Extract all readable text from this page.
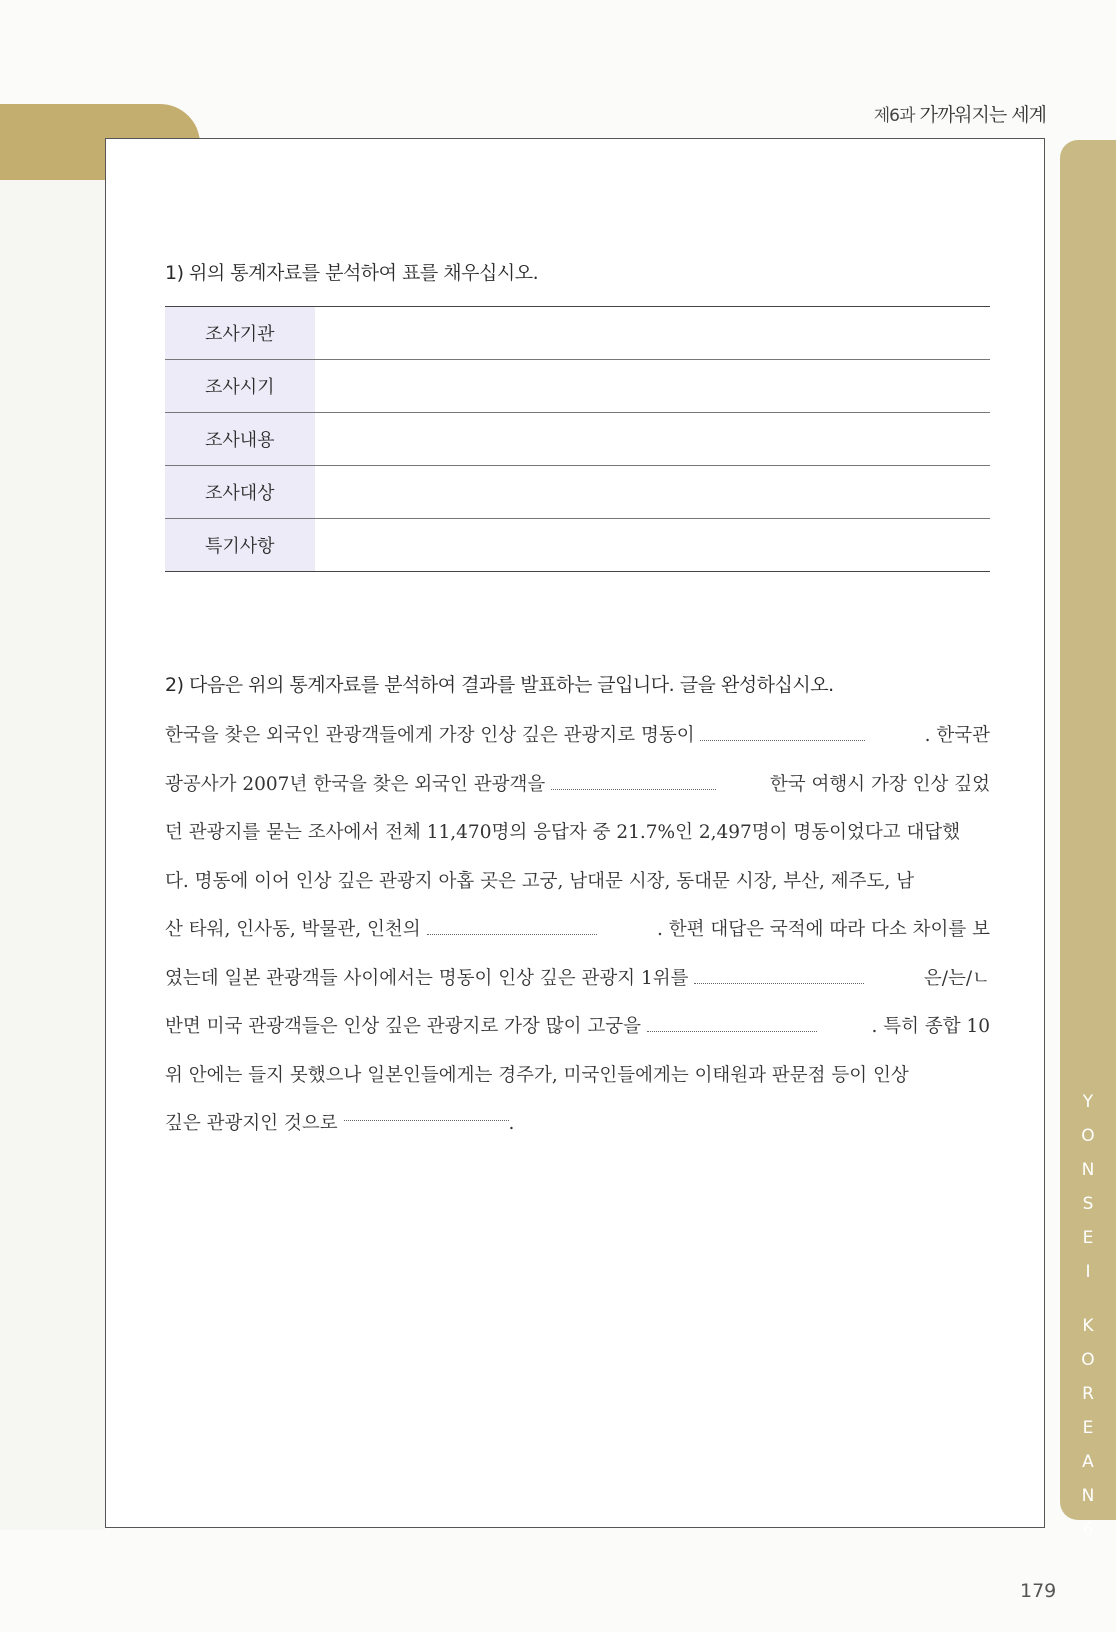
제6과 가까워지는 세계
Y
O
N
S
E
I
K
O
R
E
A
N
6
1) 위의 통계자료를 분석하여 표를 채우십시오.
조사기관	
조사시기	
조사내용	
조사대상	
특기사항	
2) 다음은 위의 통계자료를 분석하여 결과를 발표하는 글입니다. 글을 완성하십시오.
한국을 찾은 외국인 관광객들에게 가장 인상 깊은 관광지로 명동이	. 한국관
광공사가 2007년 한국을 찾은 외국인 관광객을	한국 여행시 가장 인상 깊었
던 관광지를 묻는 조사에서 전체 11,470명의 응답자 중 21.7%인 2,497명이 명동이었다고 대답했
다. 명동에 이어 인상 깊은 관광지 아홉 곳은 고궁, 남대문 시장, 동대문 시장, 부산, 제주도, 남
산 타워, 인사동, 박물관, 인천의	. 한편 대답은 국적에 따라 다소 차이를 보
였는데 일본 관광객들 사이에서는 명동이 인상 깊은 관광지 1위를	은/는/ㄴ
반면 미국 관광객들은 인상 깊은 관광지로 가장 많이 고궁을	. 특히 종합 10
위 안에는 들지 못했으나 일본인들에게는 경주가, 미국인들에게는 이태원과 판문점 등이 인상
깊은 관광지인 것으로
	.
179
